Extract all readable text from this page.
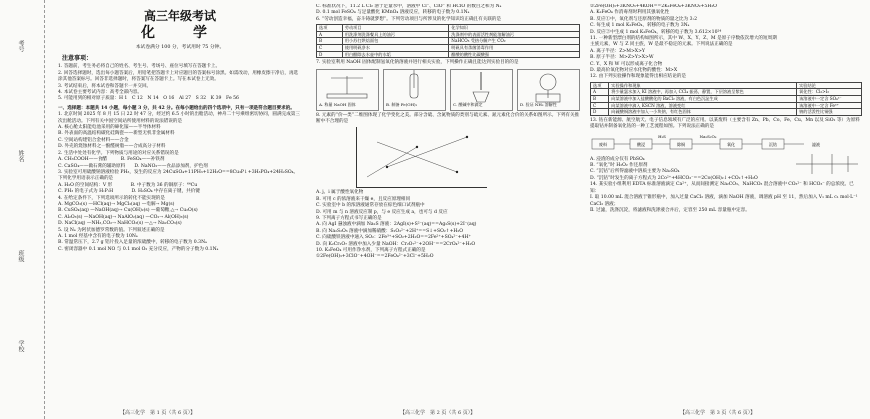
考号
姓名
班级
学校
高三年级考试
化　学
本试卷满分 100 分，考试用时 75 分钟。
注意事项：

1. 答题前，考生务必将自己的姓名、考生号、考场号、座位号填写在答题卡上。

2. 回答选择题时，选出每小题答案后，用铅笔把答题卡上对应题目的答案标号涂黑。如需改动，用橡皮擦干净后，再选涂其他答案标号。回答非选择题时，将答案写在答题卡上。写在本试卷上无效。

3. 考试结束后，将本试卷和答题卡一并交回。

4. 本试卷主要考试内容：高考全部内容。

5. 可能用到的相对原子质量：H 1　C 12　N 14　O 16　Al 27　S 32　K 39　Fe 56

一、选择题：本题共 14 小题，每小题 3 分，共 42 分。在每小题给出的四个选项中，只有一项是符合题目要求的。

1. 北京时间 2025 年 8 月 15 日 22 时 47 分，经过约 6.5 小时的出舱活动，神舟二十号乘组密切协同，圆满完成第三次出舱活动。下列有关中国空间站所使用材料的说法错误的是

A. 核心舱太阳能电池采用的砷化镓——半导体材料

B. 外表面的高温结构碳化硅陶瓷——新型无机非金属材料

C. 空间站构建铝合金材料——合金

D. 外壳的烧蚀材料之一酚醛树脂——合成高分子材料

2. 生活中处处有化学。下列物质与用途的对应关系错误的是

A. CH₃COOH——食醋　　　B. FeSO₄——补铁剂

C. CaSO₄——做石膏的辅助原料　　D. NaNO₂——食品添加剂，护色剂

3. 实验室可用硫酸钠溶液检验 PH₃，发生的反应为 24CuSO₄+11PH₃+12H₂O==8Cu₃P↓+3H₃PO₄+24H₂SO₄。下列化学用语表示正确的是

A. H₂O 的空间结构：V 形　　　　B. 中子数为 36 的铜原子：⁶⁴Cu

C. PH₃ 的电子式为 H:P:H　　　　D. H₂SO₄ 中存在离子键，共价键

4. 在给定条件下，下列选项所示的转化不能实现的是

A. MgCO₃(s) —HCl(aq)→ MgCl₂(aq) —电解→ Mg(s)

B. CuSO₄(aq) —NaOH(aq)→ Cu(OH)₂(s) —葡萄糖,△→ Cu₂O(s)

C. Al₂O₃(s) —NaOH(aq)→ NaAlO₂(aq) —CO₂→ Al(OH)₃(s)

D. NaCl(aq) —NH₃,CO₂→ NaHCO₃(s) —△→ Na₂CO₃(s)

5. 设 Nₐ 为阿伏加德罗常数的值。下列叙述正确的是

A. 1 mol 羟基中含有的电子数为 10Nₐ

B. 常温常压下，2.7 g 铝片投入足量的浓硫酸中，转移的电子数为 0.3Nₐ

C. 密闭容器中 0.1 mol NO 与 0.1 mol O₂ 充分反应，产物的分子数为 0.1Nₐ

【高三化学　第 1 页（共 6 页）】

C. 标准状况下，11.2 L Cl₂ 溶于足量水中，溶液中 Cl⁻、ClO⁻ 和 HClO 的数目之和为 Nₐ

D. 0.1 mol FeSO₄ 与足量酸化 KMnO₄ 溶液反应，转移的电子数为 0.1Nₐ

6. “劳动创造幸福，奋斗铸就梦想”。下列劳动项目与所涉及的化学知识均正确且有关联的是

选项	劳动项目	化学知识
A	用洗涤剂洗涤餐具上的油污	洗涤剂中的表面活性剂能溶解油污
B	用小苏打烘焙面包	NaHCO₃ 受热分解产生 CO₂
C	使用明矾净水	明矾具有杀菌消毒作用
D	用白醋除去水壶中的水垢	醋酸的酸性比碳酸强

7. 实验室利用 NaOH 固体配制氢氧化钠溶液并进行相关实验，下列操作正确且能达到实验目的的是

A. 称量 NaOH 固体	B. 制备 Fe(OH)₂	C. 酸碱中和滴定	D. 验证 NH₃ 溶解性

8. 元素的“价—类”二维图体现了化学变化之美。部分含硫、含氮物质的类别与硫元素、氮元素化合价的关系如图所示。下列有关推断中不合理的是

A. j、i 属于酸性氧化物

B. 可用 c 的浓溶液来干燥 e，且反应原理相同

C. 实验室中 b 的浓溶液通常存放在棕色细口试剂瓶中

D. 可用 m 与 n 溶液反应制 p，与 e 反应生成 a，也可与 d 反应

9. 下列离子方程式书写正确的是

A. 向 AgI 悬浊液中滴加 Na₂S 溶液：2AgI(s)+S²⁻(aq)==Ag₂S(s)+2I⁻(aq)

B. 向 Na₂S₂O₃ 溶液中滴加稀硝酸：S₂O₃²⁻+2H⁺==S↓+SO₂↑+H₂O

C. 向硫酸铁溶液中通入 SO₂：2Fe³⁺+SO₂+2H₂O==2Fe²⁺+SO₄²⁻+4H⁺

D. 向 K₂Cr₂O₇ 溶液中加入少量 NaOH：Cr₂O₇²⁻+2OH⁻==2CrO₄²⁻+H₂O

10. K₂FeO₄ 可用作净水剂，下列离子方程式正确的是

①2Fe(OH)₃+3ClO⁻+4OH⁻==2FeO₄²⁻+3Cl⁻+5H₂O

【高三化学　第 2 页（共 6 页）】

②2Fe(OH)₃+3KNO₃+4KOH==2K₂FeO₄+3KNO₂+5H₂O

A. K₂FeO₄ 作消毒剂时利用其强氧化性

B. 反应①中，氧化剂与还原剂的物质的量之比为 3:2

C. 每生成 1 mol K₂FeO₄，转移的电子数为 3Nₐ

D. 反应②中生成 1 mol K₂FeO₄，转移的电子数为 3.612×10²⁴

11. 一种新型漂白剂的结构如图所示，其中 W、X、Y、Z、M 是原子序数依次增大的短周期主族元素，W 与 Z 同主族，W 是最不稳定的元素。下列说法正确的是

A. 离子半径：Z>M>X>Y

B. 原子半径：M>Z>Y>X>W

C. Y、X 和 W 可以形成离子化合物

D. 最高价氧化物对应水化物的酸性：M>X

12. 由下列实验操作和现象能得出相应结论的是

选项	实验操作和现象	实验结论
A	将少量氯水加入 KI 溶液中，再加入 CCl₄ 振荡，静置，下层溶液呈紫色	氧化性：Cl₂>I₂
B	向某溶液中加入盐酸酸化的 BaCl₂ 溶液，有白色沉淀生成	该溶液中一定含 SO₄²⁻
C	向某溶液中滴入 KSCN 溶液，溶液变红	该溶液中一定含 Fe³⁺
D	向硫酸铜溶液中加入一小块钠，有红色固体	钠的活泼性比铜强

13. 钴在新能源、航空航天、电子信息领域有广泛的应用。以某废料（主要含有 Zn、Pb、Co、Fe、Cu、Mn 以及 SiO₂ 等）为原料提取钴并制备氧化钴的一种工艺流程如图。下列说法正确的是

废料	酸浸
H₂S
除铜
Na₂S₂O₈
氧化	沉钴	滤液

A. 浸渣的成分仅有 PbSO₄

B. “氧化”时 H₂O₂ 作还原剂

C. “沉钴”后所得滤液中溶质主要为 Na₂SO₄

D. “沉钴”时发生的离子方程式为 2Co²⁺+4HCO₃⁻==2Co(OH)₂↓+CO₂↑+H₂O

14. 某实验小组利用 EDTA 标准溶液滴定 Ca²⁺，从而间接测定 Na₂CO₃、NaHCO₃ 混合溶液中 CO₃²⁻ 和 HCO₃⁻ 的总浓度。已知：

Ⅰ. 取 10.00 mL 混合溶液于锥形瓶中，加入过量 CaCl₂ 溶液，滴加 NaOH 溶液，调溶液 pH 至 11，然后加入 V₁ mL c₁ mol·L⁻¹ CaCl₂ 溶液；

Ⅱ. 过滤，洗涤沉淀，将滤液和洗涤液合并后，定容至 250 mL 容量瓶中定容。

【高三化学　第 3 页（共 6 页）】
